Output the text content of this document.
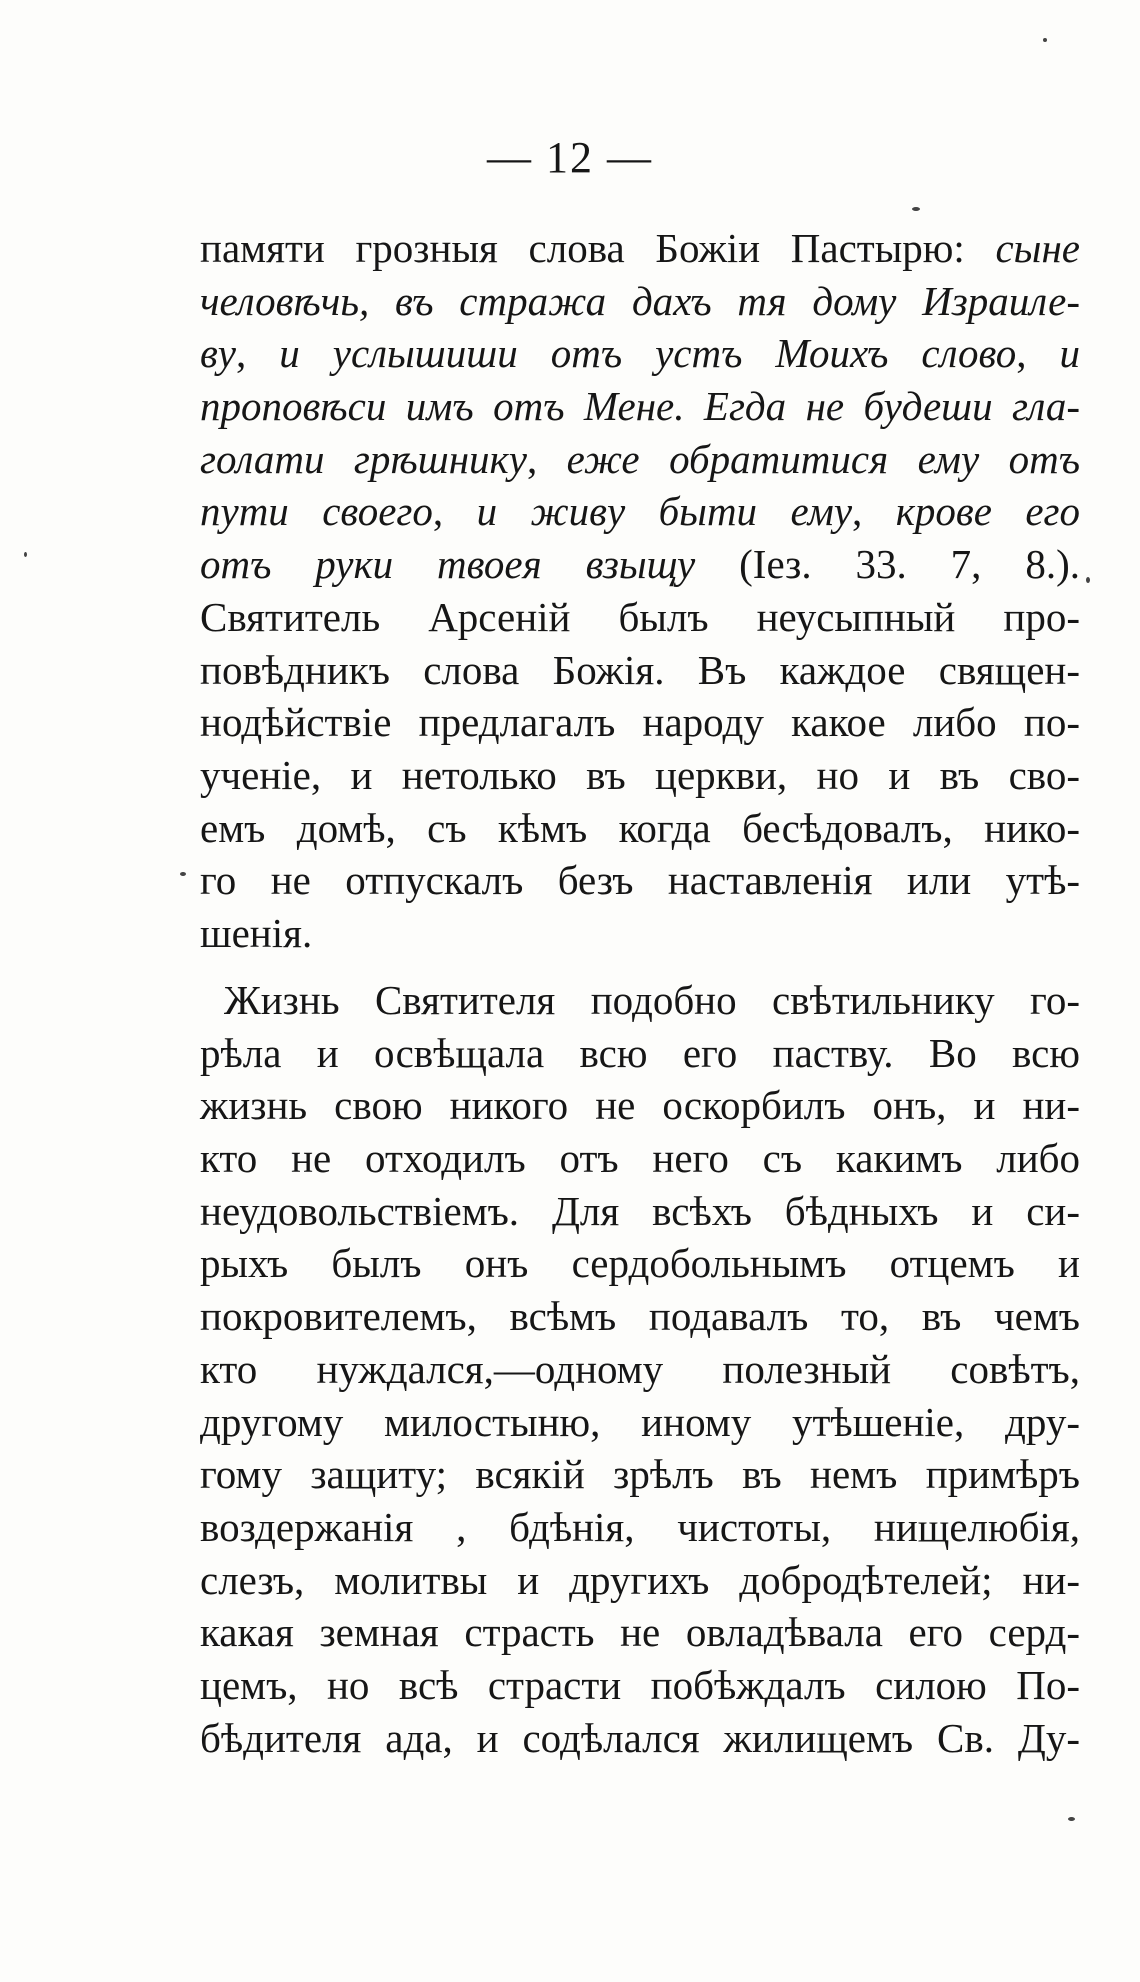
— 12 —
памяти грозныя слова Божіи Пастырю: сыне
человѣчь, въ стража дахъ тя дому Израиле-
ву, и услышиши отъ устъ Моихъ слово, и
проповѣси имъ отъ Мене. Егда не будеши гла-
голати грѣшнику, еже обратитися ему отъ
пути своего, и живу быти ему, крове его
отъ руки твоея взыщу (Іез. 33. 7, 8.).
Святитель Арсеній былъ неусыпный про-
повѣдникъ слова Божія. Въ каждое священ-
нодѣйствіе предлагалъ народу какое либо по-
ученіе, и нетолько въ церкви, но и въ сво-
емъ домѣ, съ кѣмъ когда бесѣдовалъ, нико-
го не отпускалъ безъ наставленія или утѣ-
шенія.
Жизнь Святителя подобно свѣтильнику го-
рѣла и освѣщала всю его паству. Во всю
жизнь свою никого не оскорбилъ онъ, и ни-
кто не отходилъ отъ него съ какимъ либо
неудовольствіемъ. Для всѣхъ бѣдныхъ и си-
рыхъ былъ онъ сердобольнымъ отцемъ и
покровителемъ, всѣмъ подавалъ то, въ чемъ
кто нуждался,—одному полезный совѣтъ,
другому милостыню, иному утѣшеніе, дру-
гому защиту; всякій зрѣлъ въ немъ примѣръ
воздержанія , бдѣнія, чистоты, нищелюбія,
слезъ, молитвы и другихъ добродѣтелей; ни-
какая земная страсть не овладѣвала его серд-
цемъ, но всѣ страсти побѣждалъ силою По-
бѣдителя ада, и содѣлался жилищемъ Св. Ду-
